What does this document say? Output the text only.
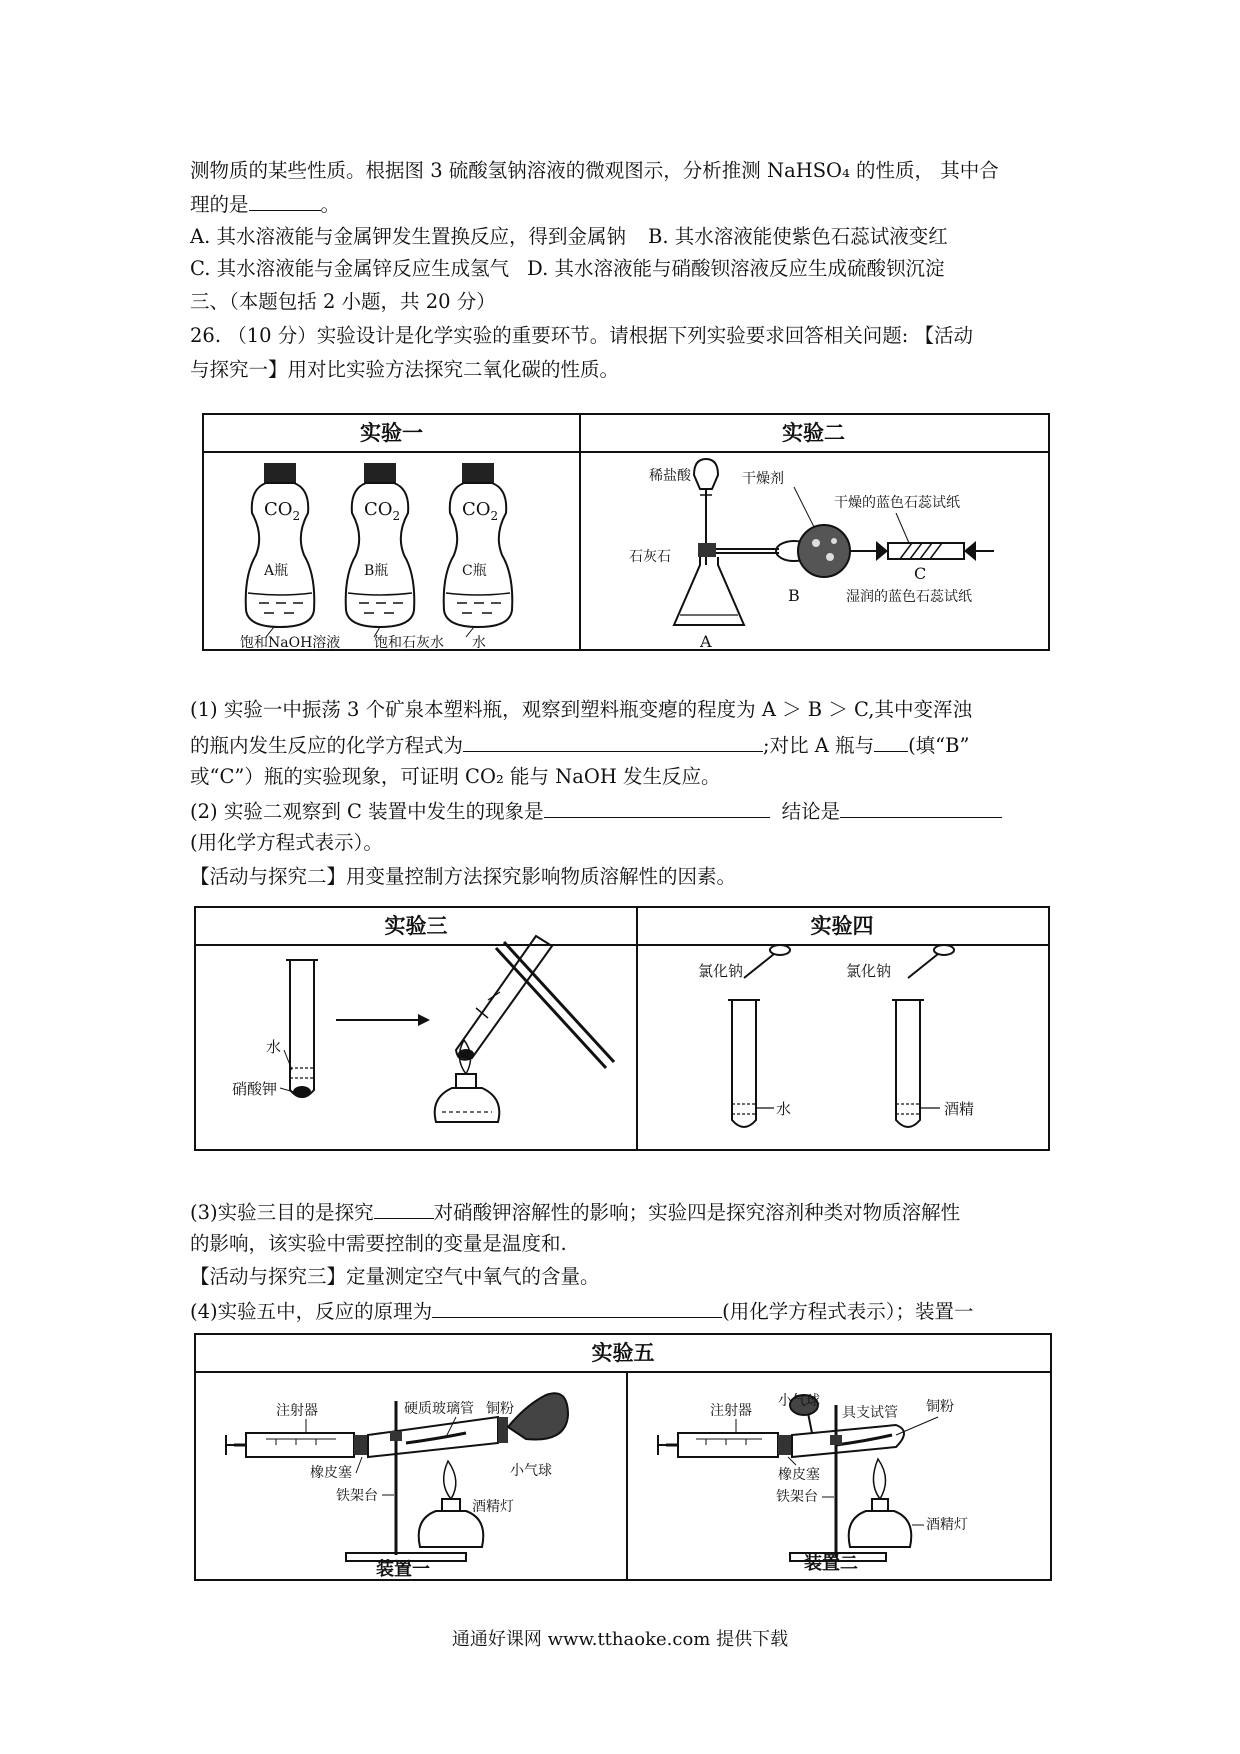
测物质的某些性质。根据图 3 硫酸氢钠溶液的微观图示，分析推测 NaHSO₄ 的性质， 其中合
理的是	。
A. 其水溶液能与金属钾发生置换反应，得到金属钠 B. 其水溶液能使紫色石蕊试液变红
C. 其水溶液能与金属锌反应生成氢气 D. 其水溶液能与硝酸钡溶液反应生成硫酸钡沉淀
三、（本题包括 2 小题，共 20 分）
26. （10 分）实验设计是化学实验的重要环节。请根据下列实验要求回答相关问题: 【活动
与探究一】用对比实验方法探究二氧化碳的性质。
实验一	实验二
$CO_2$
A瓶
$CO_2$
B瓶
$CO_2$
C瓶
饱和NaOH溶液 饱和石灰水 水
稀盐酸
石灰石
A
干燥剂
B
干燥的蓝色石蕊试纸
C
湿润的蓝色石蕊试纸
(1) 实验一中振荡 3 个矿泉本塑料瓶，观察到塑料瓶变瘪的程度为 A ＞ B ＞ C,其中变浑浊
的瓶内发生反应的化学方程式为	;对比 A 瓶与 (填“B”
或“C”）瓶的实验现象，可证明 CO₂ 能与 NaOH 发生反应。
(2) 实验二观察到 C 装置中发生的现象是	结论是
(用化学方程式表示）。
【活动与探究二】用变量控制方法探究影响物质溶解性的因素。
实验三	实验四
水
硝酸钾
氯化钠
水
氯化钠
酒精
(3)实验三目的是探究	对硝酸钾溶解性的影响；实验四是探究溶剂种类对物质溶解性
的影响，该实验中需要控制的变量是温度和.
【活动与探究三】定量测定空气中氧气的含量。
(4)实验五中，反应的原理为	(用化学方程式表示）；装置一
实验五
注射器	硬质玻璃管 铜粉
橡皮塞
铁架台
小气球
酒精灯
装置一
小气球
注射器	具支试管 铜粉
橡皮塞
铁架台
酒精灯
装置二
通通好课网 www.tthaoke.com 提供下载
